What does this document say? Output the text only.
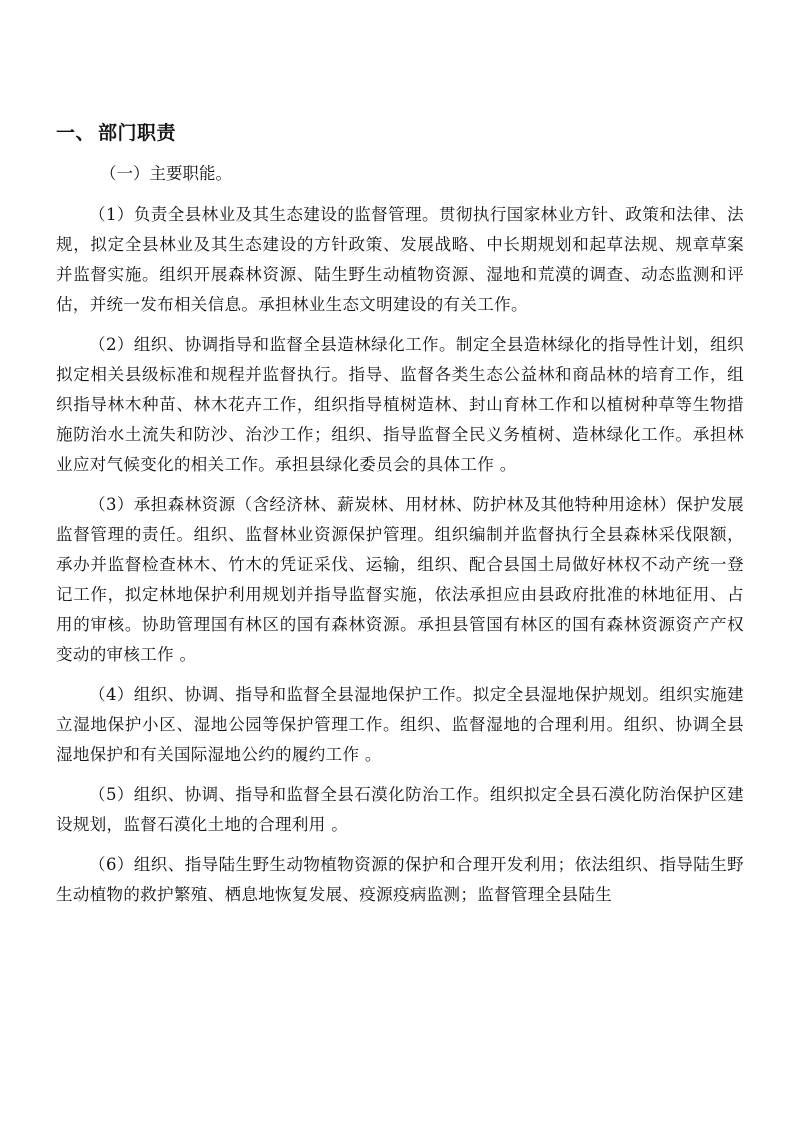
一、 部门职责
（一）主要职能。

（1）负责全县林业及其生态建设的监督管理。贯彻执行国家林业方针、政策和法律、法规，拟定全县林业及其生态建设的方针政策、发展战略、中长期规划和起草法规、规章草案并监督实施。组织开展森林资源、陆生野生动植物资源、湿地和荒漠的调查、动态监测和评估，并统一发布相关信息。承担林业生态文明建设的有关工作。

（2）组织、协调指导和监督全县造林绿化工作。制定全县造林绿化的指导性计划，组织拟定相关县级标准和规程并监督执行。指导、监督各类生态公益林和商品林的培育工作，组织指导林木种苗、林木花卉工作，组织指导植树造林、封山育林工作和以植树种草等生物措施防治水土流失和防沙、治沙工作；组织、指导监督全民义务植树、造林绿化工作。承担林业应对气候变化的相关工作。承担县绿化委员会的具体工作 。

（3）承担森林资源（含经济林、薪炭林、用材林、防护林及其他特种用途林）保护发展监督管理的责任。组织、监督林业资源保护管理。组织编制并监督执行全县森林采伐限额，承办并监督检查林木、竹木的凭证采伐、运输，组织、配合县国土局做好林权不动产统一登记工作，拟定林地保护利用规划并指导监督实施，依法承担应由县政府批准的林地征用、占用的审核。协助管理国有林区的国有森林资源。承担县管国有林区的国有森林资源资产产权变动的审核工作 。

（4）组织、协调、指导和监督全县湿地保护工作。拟定全县湿地保护规划。组织实施建立湿地保护小区、湿地公园等保护管理工作。组织、监督湿地的合理利用。组织、协调全县湿地保护和有关国际湿地公约的履约工作 。

（5）组织、协调、指导和监督全县石漠化防治工作。组织拟定全县石漠化防治保护区建设规划，监督石漠化土地的合理利用 。

（6）组织、指导陆生野生动物植物资源的保护和合理开发利用；依法组织、指导陆生野生动植物的救护繁殖、栖息地恢复发展、疫源疫病监测；监督管理全县陆生
